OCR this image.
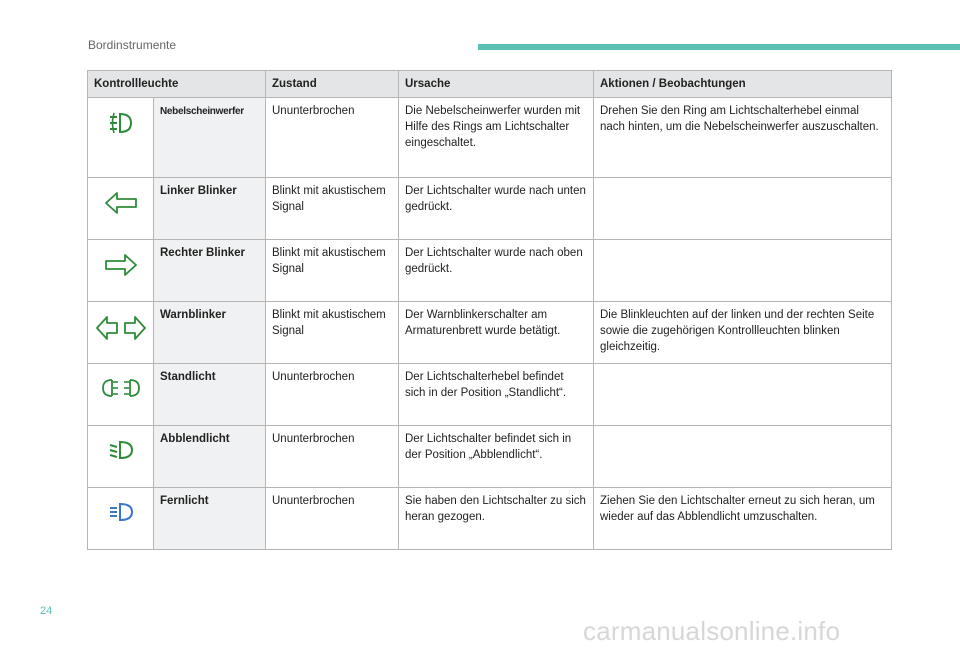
Bordinstrumente
Kontrollleuchte		Zustand	Ursache	Aktionen / Beobachtungen

	Nebelscheinwerfer	Ununterbrochen	Die Nebelscheinwerfer wurden mit Hilfe des Rings am Lichtschalter eingeschaltet.	Drehen Sie den Ring am Lichtschalterhebel einmal nach hinten, um die Nebelscheinwerfer auszuschalten.

	Linker Blinker	Blinkt mit akustischem Signal	Der Lichtschalter wurde nach unten gedrückt.	

	Rechter Blinker	Blinkt mit akustischem Signal	Der Lichtschalter wurde nach oben gedrückt.	

	Warnblinker	Blinkt mit akustischem Signal	Der Warnblinkerschalter am Armaturenbrett wurde betätigt.	Die Blinkleuchten auf der linken und der rechten Seite sowie die zugehörigen Kontrollleuchten blinken gleichzeitig.

	Standlicht	Ununterbrochen	Der Lichtschalterhebel befindet sich in der Position „Standlicht“.	

	Abblendlicht	Ununterbrochen	Der Lichtschalter befindet sich in der Position „Abblendlicht“.	

	Fernlicht	Ununterbrochen	Sie haben den Lichtschalter zu sich heran gezogen.	Ziehen Sie den Lichtschalter erneut zu sich heran, um wieder auf das Abblendlicht umzuschalten.
24
carmanualsonline.info
